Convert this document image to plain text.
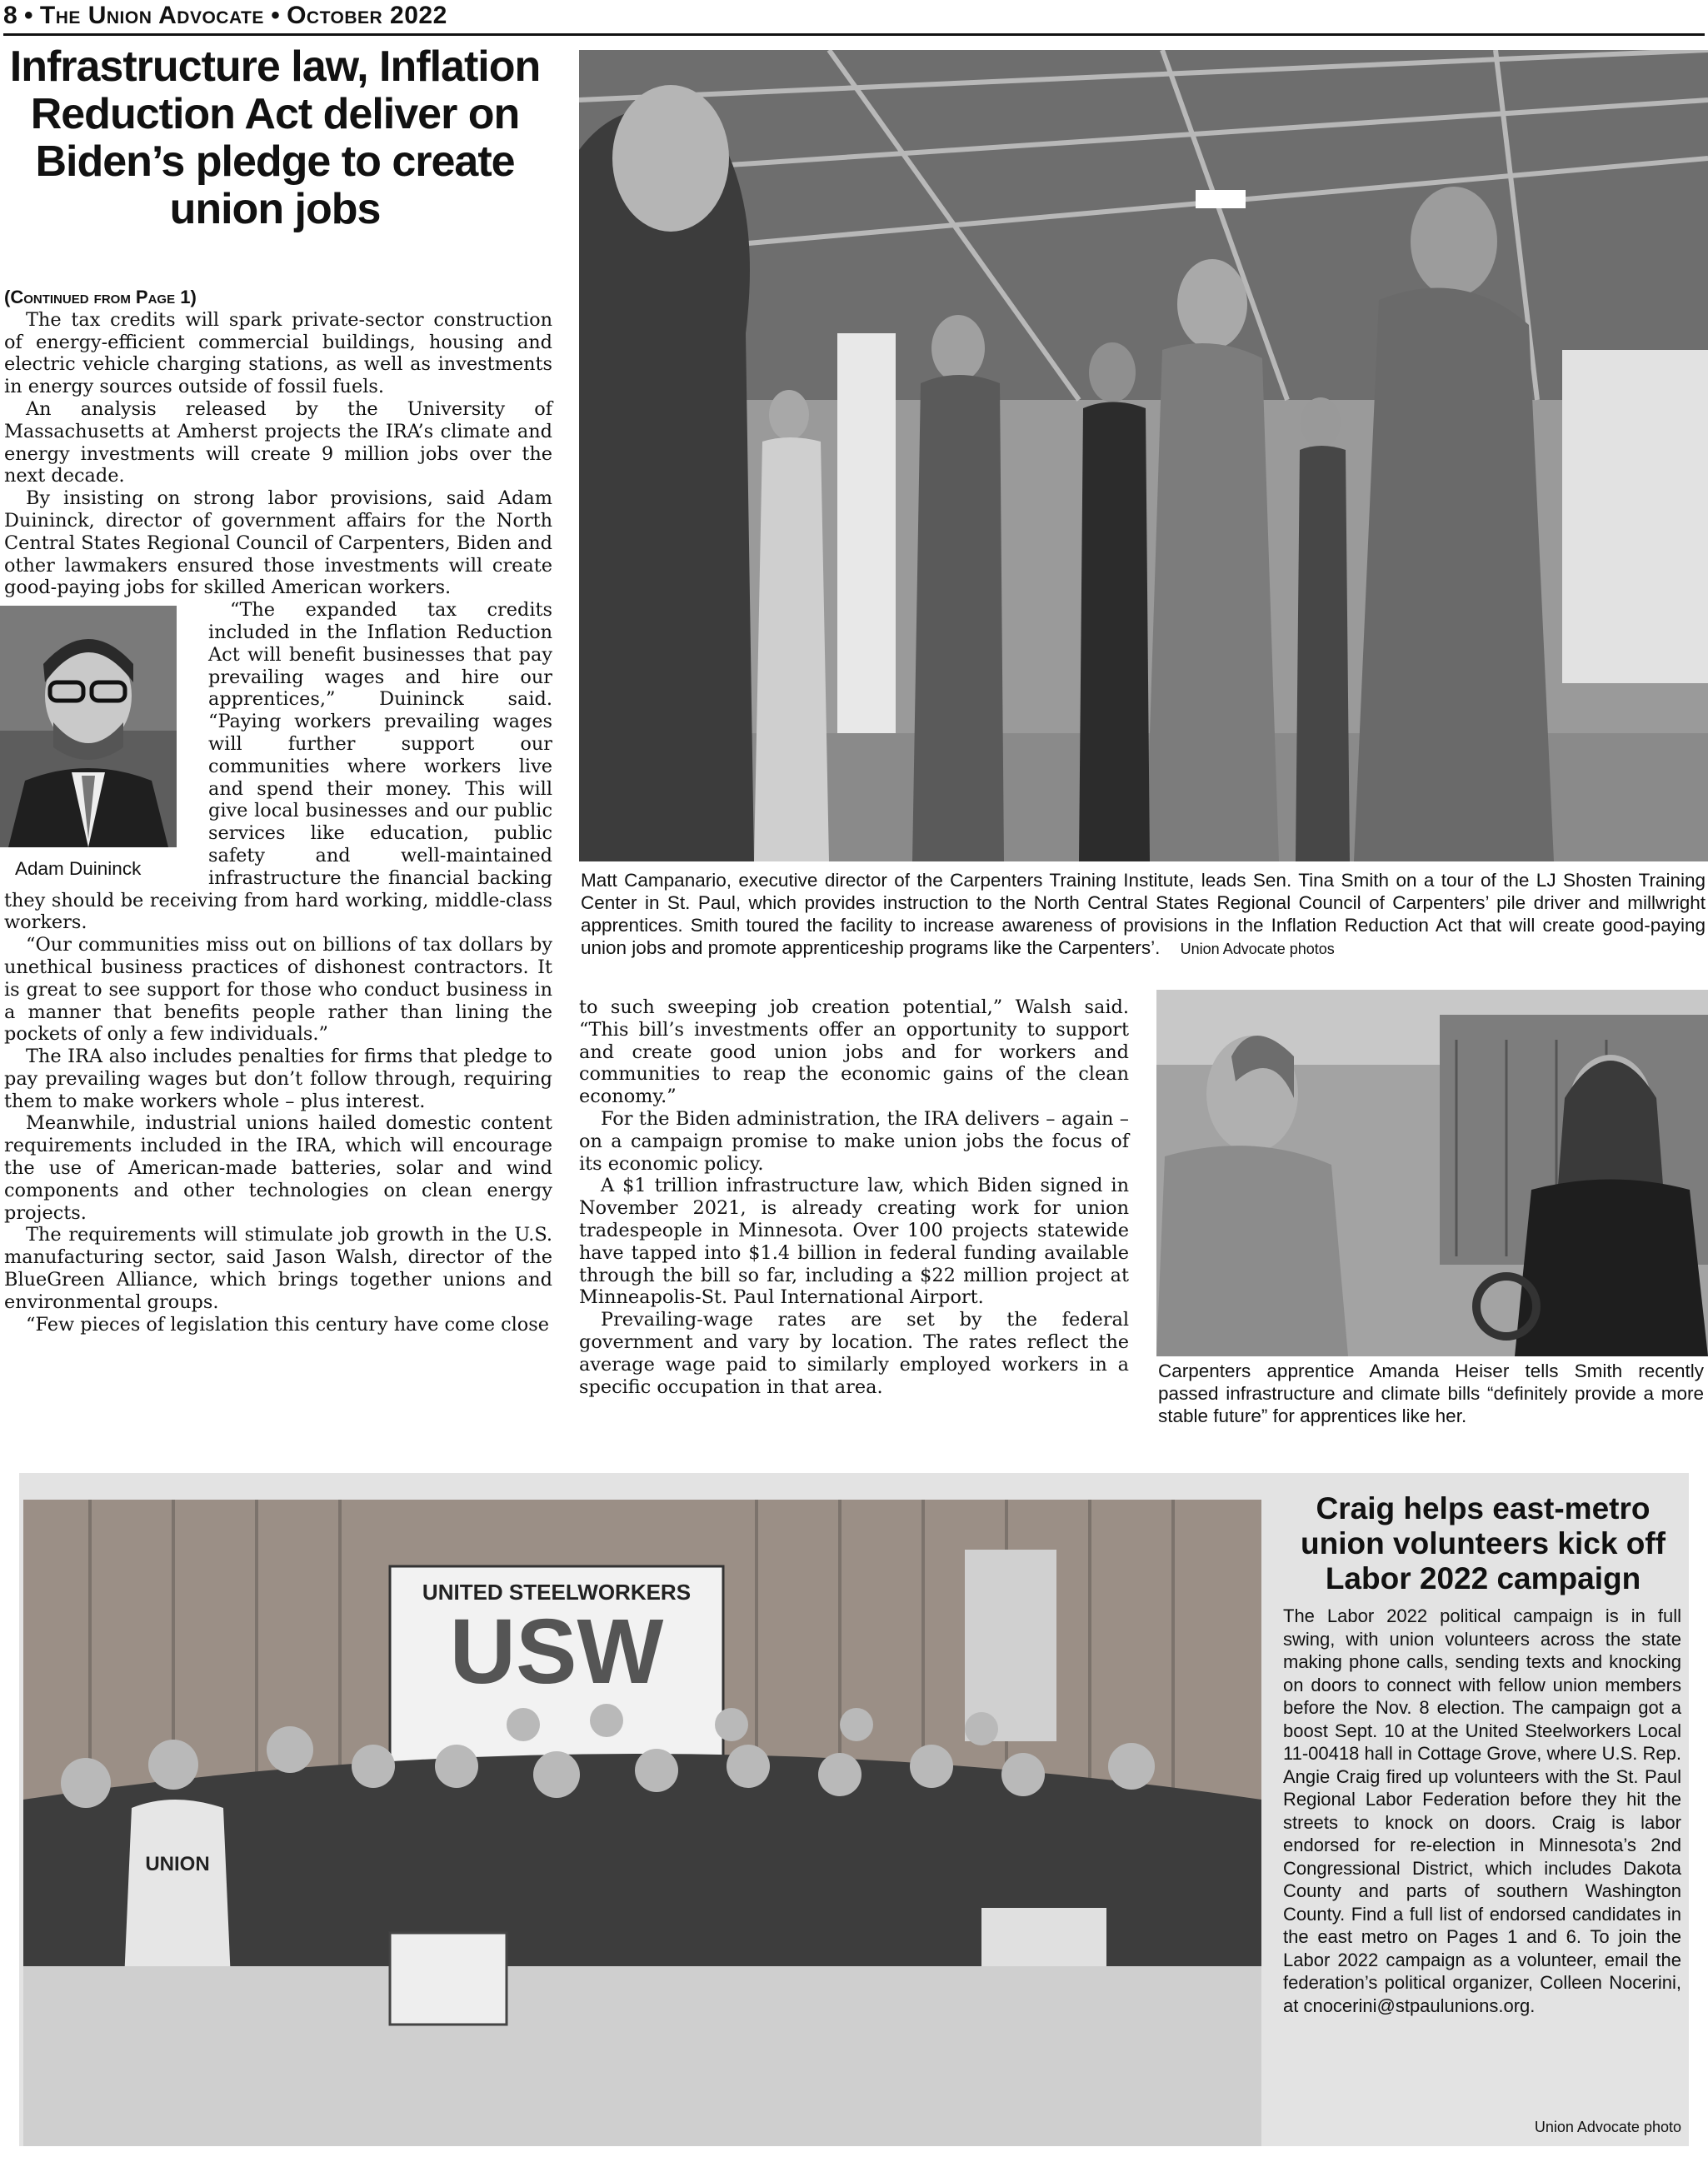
8 • The Union Advocate • October 2022
Infrastructure law, Inflation Reduction Act deliver on Biden’s pledge to create union jobs
(Continued from Page 1)

The tax credits will spark private-sector construction of energy-efficient commercial buildings, housing and electric vehicle charging stations, as well as investments in energy sources outside of fossil fuels.

An analysis released by the University of Massachusetts at Amherst projects the IRA’s climate and energy investments will create 9 million jobs over the next decade.

By insisting on strong labor provisions, said Adam Duininck, director of government affairs for the North Central States Regional Council of Carpenters, Biden and other lawmakers ensured those investments will create good-paying jobs for skilled American workers.

Adam Duininck

“The expanded tax credits included in the Inflation Reduction Act will benefit businesses that pay prevailing wages and hire our apprentices,” Duininck said. “Paying workers prevailing wages will further support our communities where workers live and spend their money. This will give local businesses and our public services like education, public safety and well-maintained infrastructure the financial backing they should be receiving from hard working, middle-class workers.

“Our communities miss out on billions of tax dollars by unethical business practices of dishonest contractors. It is great to see support for those who conduct business in a manner that benefits people rather than lining the pockets of only a few individuals.”

The IRA also includes penalties for firms that pledge to pay prevailing wages but don’t follow through, requiring them to make workers whole – plus interest.

Meanwhile, industrial unions hailed domestic content requirements included in the IRA, which will encourage the use of American-made batteries, solar and wind components and other technologies on clean energy projects.

The requirements will stimulate job growth in the U.S. manufacturing sector, said Jason Walsh, director of the BlueGreen Alliance, which brings together unions and environmental groups.

“Few pieces of legislation this century have come close

Matt Campanario, executive director of the Carpenters Training Institute, leads Sen. Tina Smith on a tour of the LJ Shosten Training Center in St. Paul, which provides instruction to the North Central States Regional Council of Carpenters’ pile driver and millwright apprentices. Smith toured the facility to increase awareness of provisions in the Inflation Reduction Act that will create good-paying union jobs and promote apprenticeship programs like the Carpenters’. Union Advocate photos

to such sweeping job creation potential,” Walsh said. “This bill’s investments offer an opportunity to support and create good union jobs and for workers and communities to reap the economic gains of the clean economy.”

For the Biden administration, the IRA delivers – again – on a campaign promise to make union jobs the focus of its economic policy.

A $1 trillion infrastructure law, which Biden signed in November 2021, is already creating work for union tradespeople in Minnesota. Over 100 projects statewide have tapped into $1.4 billion in federal funding available through the bill so far, including a $22 million project at Minneapolis-St. Paul International Airport.

Prevailing-wage rates are set by the federal government and vary by location. The rates reflect the average wage paid to similarly employed workers in a specific occupation in that area.

Carpenters apprentice Amanda Heiser tells Smith recently passed infrastructure and climate bills “definitely provide a more stable future” for apprentices like her.
UNITED STEELWORKERS
USW
UNION
Craig helps east-metro union volunteers kick off Labor 2022 campaign
The Labor 2022 political campaign is in full swing, with union volunteers across the state making phone calls, sending texts and knocking on doors to connect with fellow union members before the Nov. 8 election. The campaign got a boost Sept. 10 at the United Steelworkers Local 11-00418 hall in Cottage Grove, where U.S. Rep. Angie Craig fired up volunteers with the St. Paul Regional Labor Federation before they hit the streets to knock on doors. Craig is labor endorsed for re-election in Minnesota’s 2nd Congressional District, which includes Dakota County and parts of southern Washington County. Find a full list of endorsed candidates in the east metro on Pages 1 and 6. To join the Labor 2022 campaign as a volunteer, email the federation’s political organizer, Colleen Nocerini, at cnocerini@stpaulunions.org.
Union Advocate photo
